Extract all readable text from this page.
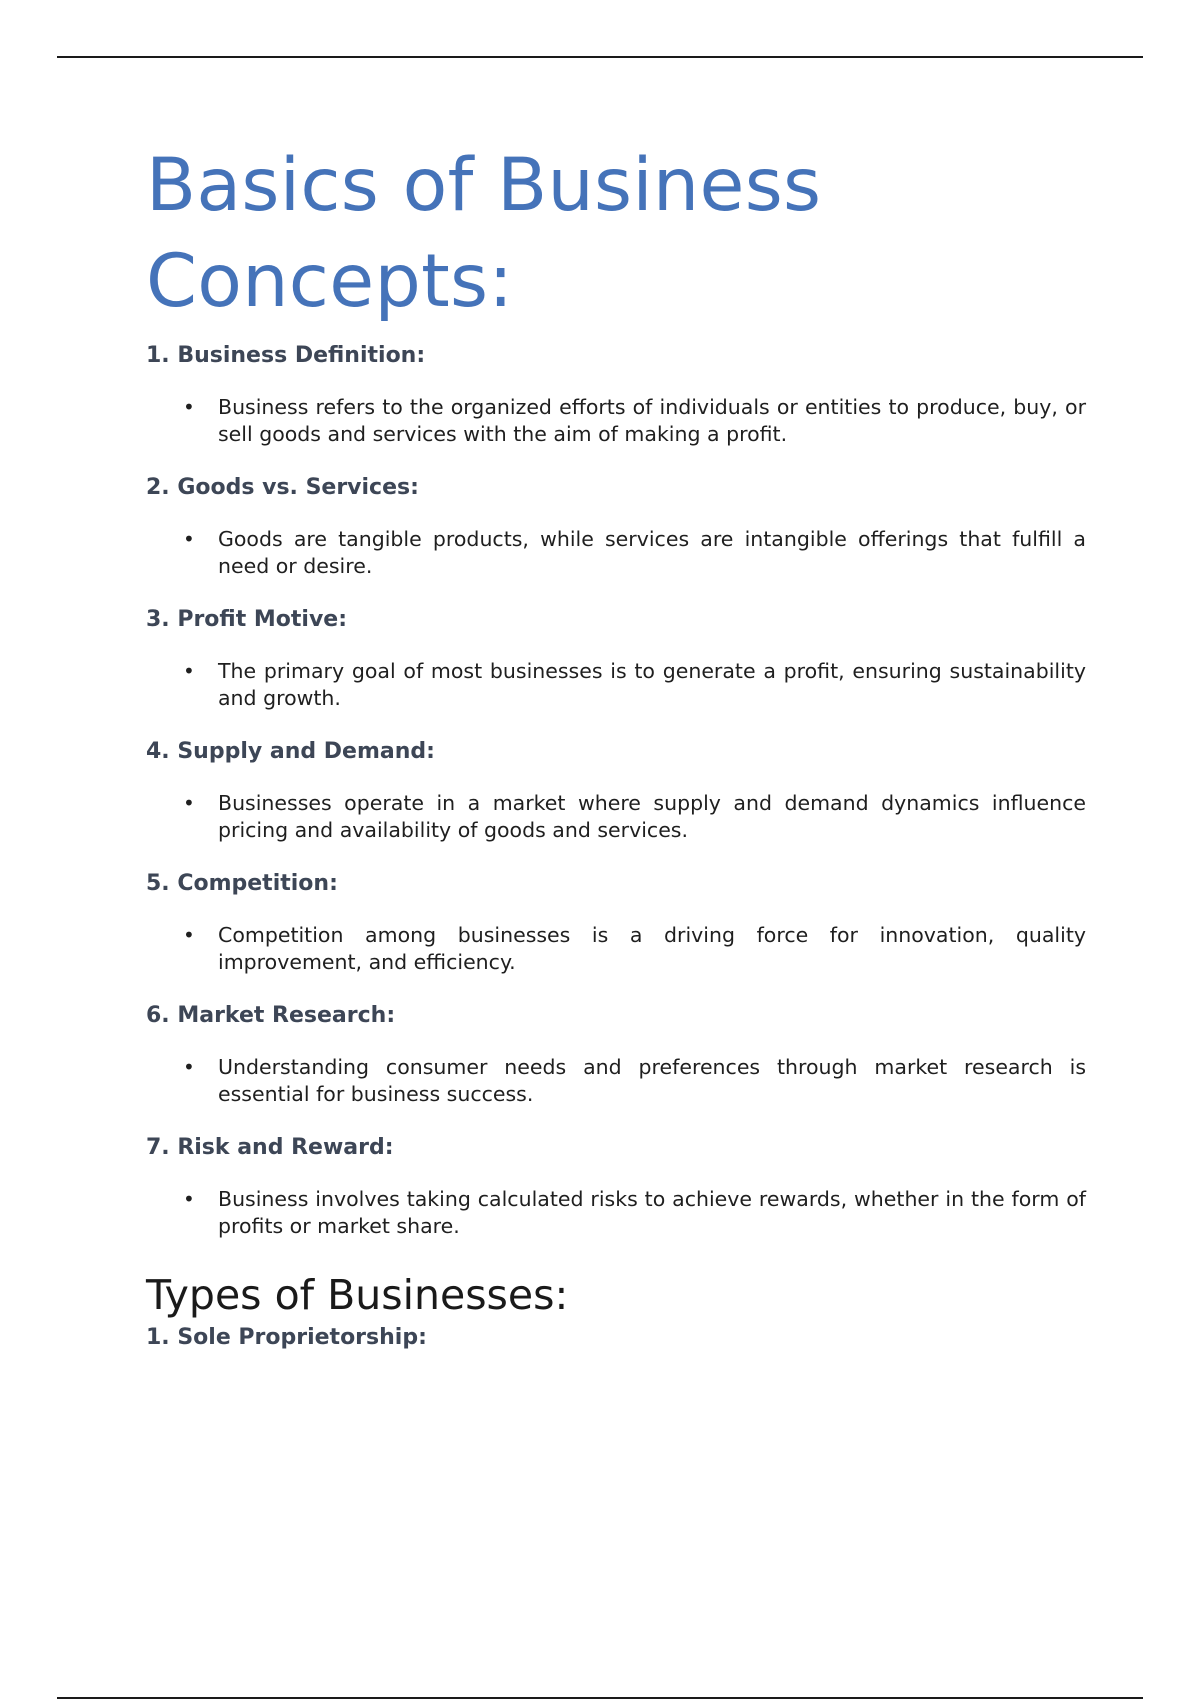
Basics of Business Concepts:
1. Business Definition:
• Business refers to the organized efforts of individuals or entities to produce, buy, or sell goods and services with the aim of making a profit.
2. Goods vs. Services:
• Goods are tangible products, while services are intangible offerings that fulfill a need or desire.
3. Profit Motive:
• The primary goal of most businesses is to generate a profit, ensuring sustainability and growth.
4. Supply and Demand:
• Businesses operate in a market where supply and demand dynamics influence pricing and availability of goods and services.
5. Competition:
• Competition among businesses is a driving force for innovation, quality improvement, and efficiency.
6. Market Research:
• Understanding consumer needs and preferences through market research is essential for business success.
7. Risk and Reward:
• Business involves taking calculated risks to achieve rewards, whether in the form of profits or market share.
Types of Businesses:
1. Sole Proprietorship:
